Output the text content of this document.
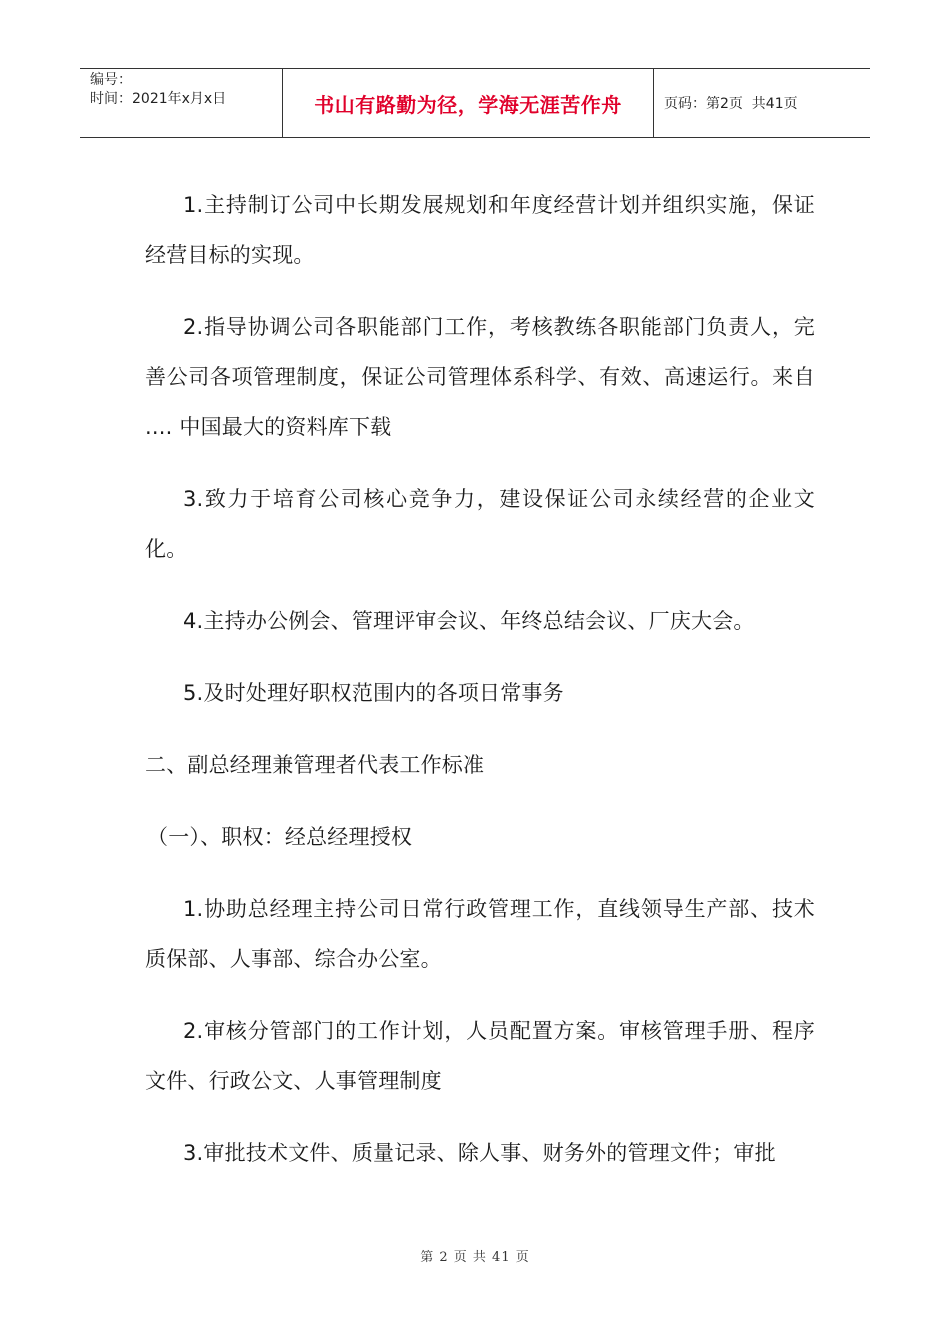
编号：
时间：2021年x月x日	书山有路勤为径，学海无涯苦作舟	页码：第2页  共41页

1.主持制订公司中长期发展规划和年度经营计划并组织实施，保证经营目标的实现。

2.指导协调公司各职能部门工作，考核教练各职能部门负责人，完善公司各项管理制度，保证公司管理体系科学、有效、高速运行。来自 .... 中国最大的资料库下载

3.致力于培育公司核心竞争力，建设保证公司永续经营的企业文化。

4.主持办公例会、管理评审会议、年终总结会议、厂庆大会。

5.及时处理好职权范围内的各项日常事务

二、副总经理兼管理者代表工作标准

（一）、职权：经总经理授权

1.协助总经理主持公司日常行政管理工作，直线领导生产部、技术质保部、人事部、综合办公室。

2.审核分管部门的工作计划，人员配置方案。审核管理手册、程序文件、行政公文、人事管理制度

3.审批技术文件、质量记录、除人事、财务外的管理文件；审批

第 2 页 共 41 页
